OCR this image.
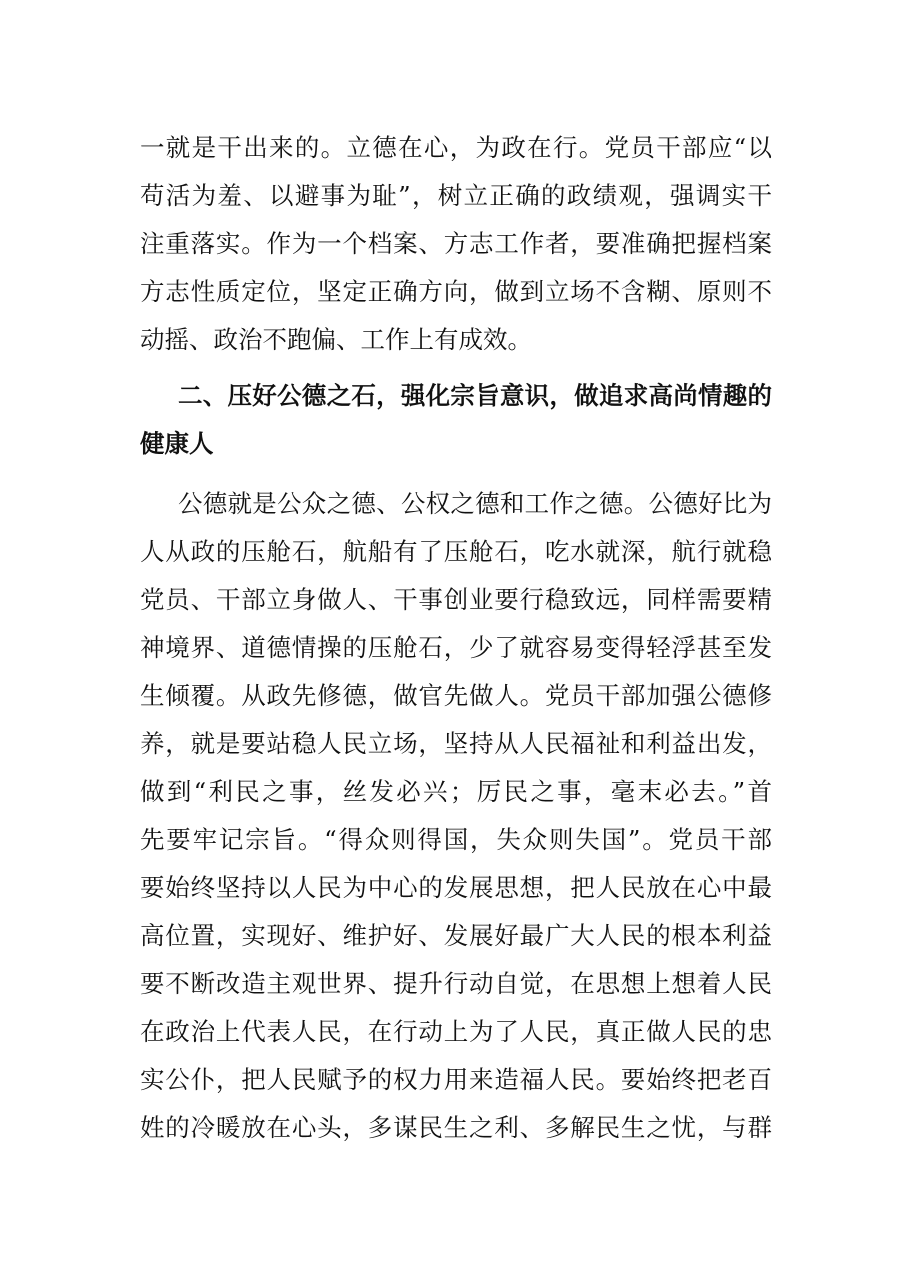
一就是干出来的。立德在心，为政在行。党员干部应“以
苟活为羞、以避事为耻”，树立正确的政绩观，强调实干
注重落实。作为一个档案、方志工作者，要准确把握档案
方志性质定位，坚定正确方向，做到立场不含糊、原则不
动摇、政治不跑偏、工作上有成效。
二、压好公德之石，强化宗旨意识，做追求高尚情趣的
健康人
公德就是公众之德、公权之德和工作之德。公德好比为
人从政的压舱石，航船有了压舱石，吃水就深，航行就稳
党员、干部立身做人、干事创业要行稳致远，同样需要精
神境界、道德情操的压舱石，少了就容易变得轻浮甚至发
生倾覆。从政先修德，做官先做人。党员干部加强公德修
养，就是要站稳人民立场，坚持从人民福祉和利益出发，
做到“利民之事，丝发必兴；厉民之事，毫末必去。”首
先要牢记宗旨。“得众则得国，失众则失国”。党员干部
要始终坚持以人民为中心的发展思想，把人民放在心中最
高位置，实现好、维护好、发展好最广大人民的根本利益
要不断改造主观世界、提升行动自觉，在思想上想着人民
在政治上代表人民，在行动上为了人民，真正做人民的忠
实公仆，把人民赋予的权力用来造福人民。要始终把老百
姓的冷暖放在心头，多谋民生之利、多解民生之忧，与群
